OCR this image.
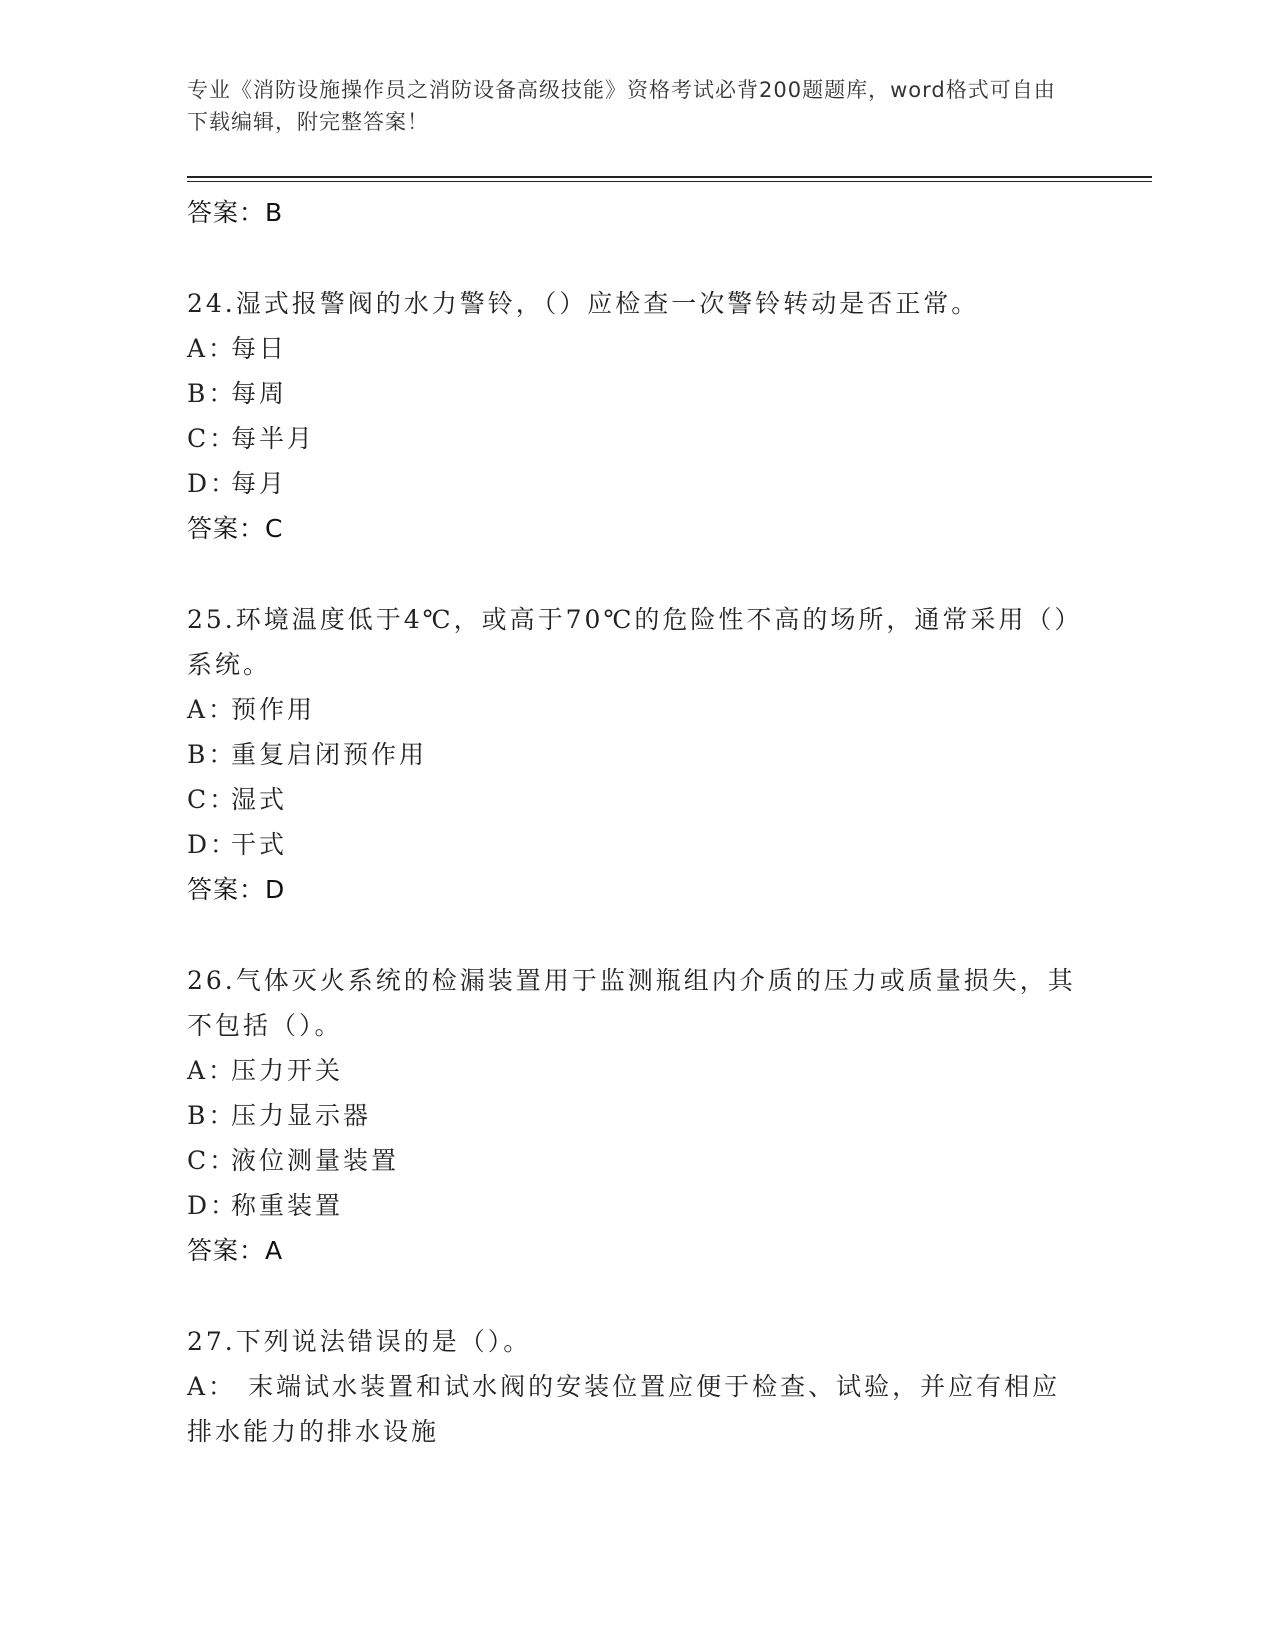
专业《消防设施操作员之消防设备高级技能》资格考试必背200题题库，word格式可自由下载编辑，附完整答案！
答案：B
24.湿式报警阀的水力警铃，（）应检查一次警铃转动是否正常。
A：每日
B：每周
C：每半月
D：每月
答案：C
25.环境温度低于4℃，或高于70℃的危险性不高的场所，通常采用（）系统。
A：预作用
B：重复启闭预作用
C：湿式
D：干式
答案：D
26.气体灭火系统的检漏装置用于监测瓶组内介质的压力或质量损失，其不包括（）。
A：压力开关
B：压力显示器
C：液位测量装置
D：称重装置
答案：A
27.下列说法错误的是（）。
A： 末端试水装置和试水阀的安装位置应便于检查、试验，并应有相应排水能力的排水设施
